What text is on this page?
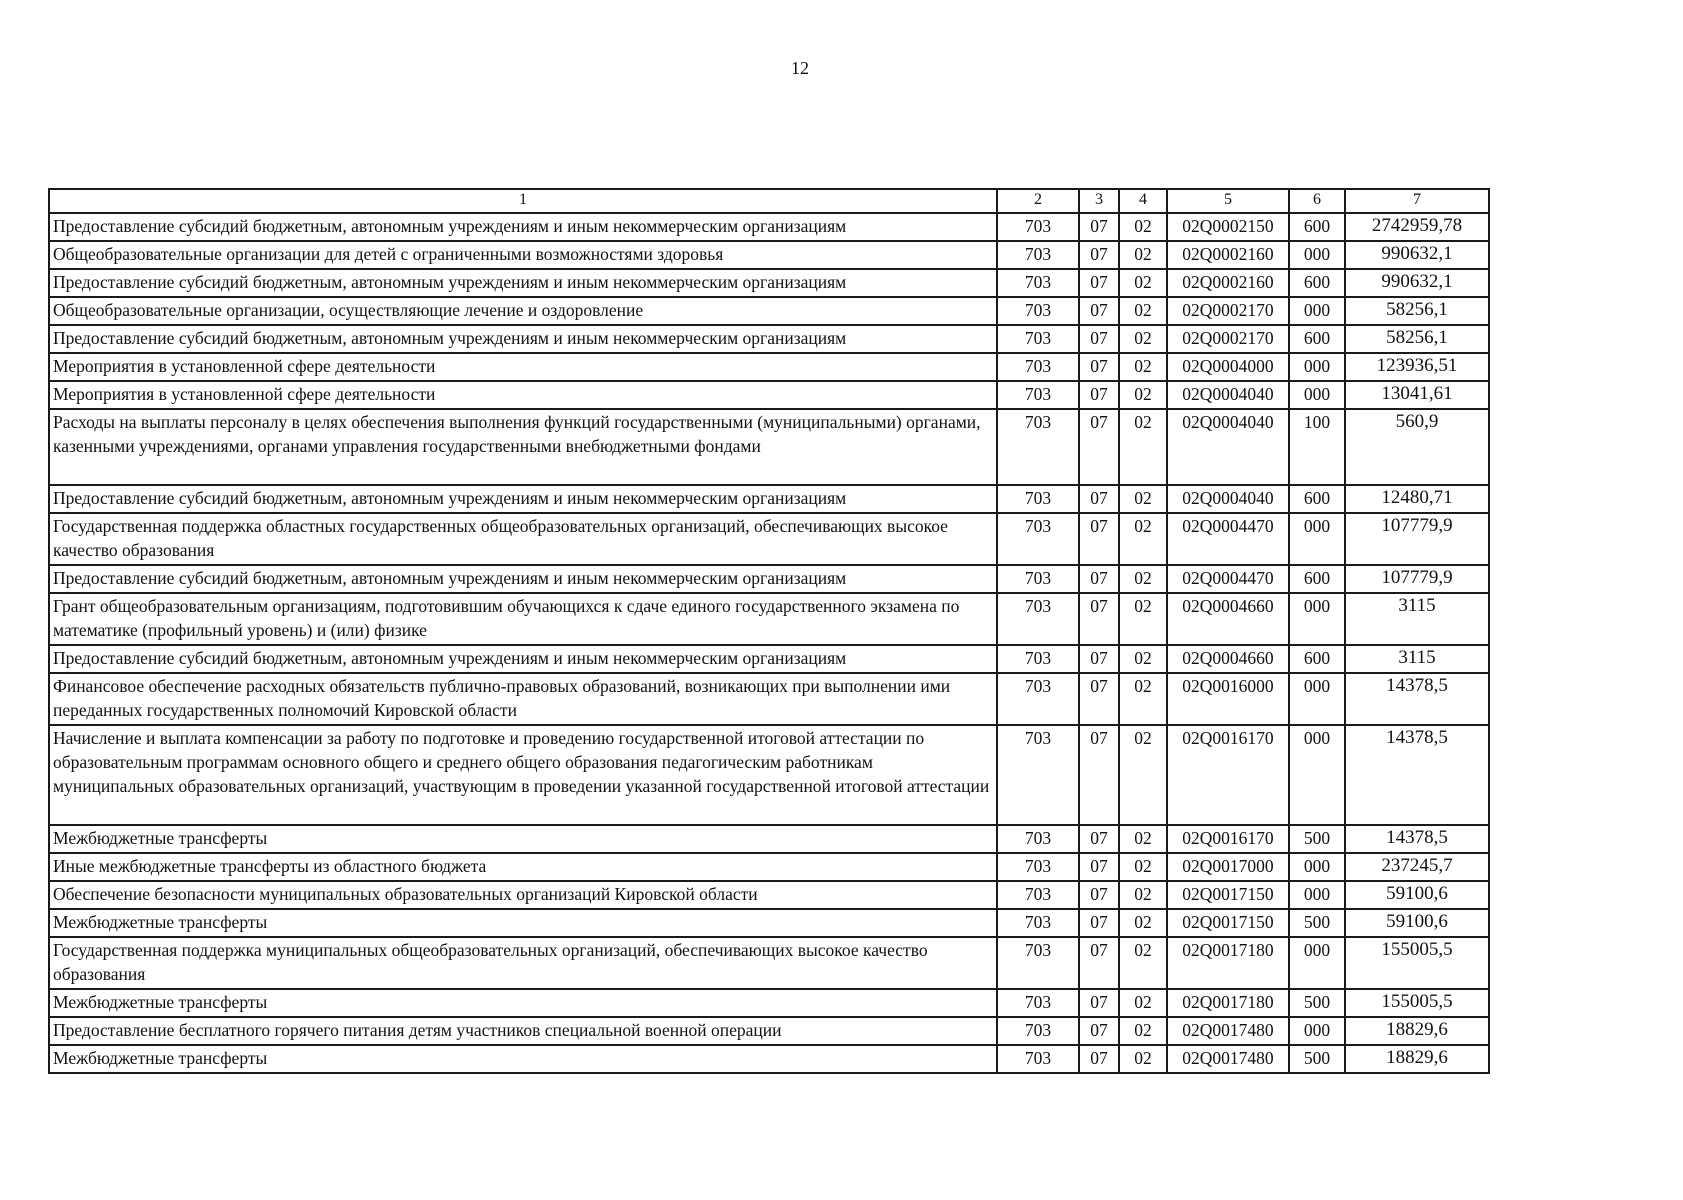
12
1	2	3	4	5	6	7
Предоставление субсидий бюджетным, автономным учреждениям и иным некоммерческим организациям	703	07	02	02Q0002150	600	2742959,78
Общеобразовательные организации для детей с ограниченными возможностями здоровья	703	07	02	02Q0002160	000	990632,1
Предоставление субсидий бюджетным, автономным учреждениям и иным некоммерческим организациям	703	07	02	02Q0002160	600	990632,1
Общеобразовательные организации, осуществляющие лечение и оздоровление	703	07	02	02Q0002170	000	58256,1
Предоставление субсидий бюджетным, автономным учреждениям и иным некоммерческим организациям	703	07	02	02Q0002170	600	58256,1
Мероприятия в установленной сфере деятельности	703	07	02	02Q0004000	000	123936,51
Мероприятия в установленной сфере деятельности	703	07	02	02Q0004040	000	13041,61
Расходы на выплаты персоналу в целях обеспечения выполнения функций государственными (муниципальными) органами, казенными учреждениями, органами управления государственными внебюджетными фондами	703	07	02	02Q0004040	100	560,9
Предоставление субсидий бюджетным, автономным учреждениям и иным некоммерческим организациям	703	07	02	02Q0004040	600	12480,71
Государственная поддержка областных государственных общеобразовательных организаций, обеспечивающих высокое качество образования	703	07	02	02Q0004470	000	107779,9
Предоставление субсидий бюджетным, автономным учреждениям и иным некоммерческим организациям	703	07	02	02Q0004470	600	107779,9
Грант общеобразовательным организациям, подготовившим обучающихся к сдаче единого государственного экзамена по математике (профильный уровень) и (или) физике	703	07	02	02Q0004660	000	3115
Предоставление субсидий бюджетным, автономным учреждениям и иным некоммерческим организациям	703	07	02	02Q0004660	600	3115
Финансовое обеспечение расходных обязательств публично-правовых образований, возникающих при выполнении ими переданных государственных полномочий Кировской области	703	07	02	02Q0016000	000	14378,5
Начисление и выплата компенсации за работу по подготовке и проведению государственной итоговой аттестации по образовательным программам основного общего и среднего общего образования педагогическим работникам муниципальных образовательных организаций, участвующим в проведении указанной государственной итоговой аттестации	703	07	02	02Q0016170	000	14378,5
Межбюджетные трансферты	703	07	02	02Q0016170	500	14378,5
Иные межбюджетные трансферты из областного бюджета	703	07	02	02Q0017000	000	237245,7
Обеспечение безопасности муниципальных образовательных организаций Кировской области	703	07	02	02Q0017150	000	59100,6
Межбюджетные трансферты	703	07	02	02Q0017150	500	59100,6
Государственная поддержка муниципальных общеобразовательных организаций, обеспечивающих высокое качество образования	703	07	02	02Q0017180	000	155005,5
Межбюджетные трансферты	703	07	02	02Q0017180	500	155005,5
Предоставление бесплатного горячего питания детям участников специальной военной операции	703	07	02	02Q0017480	000	18829,6
Межбюджетные трансферты	703	07	02	02Q0017480	500	18829,6
